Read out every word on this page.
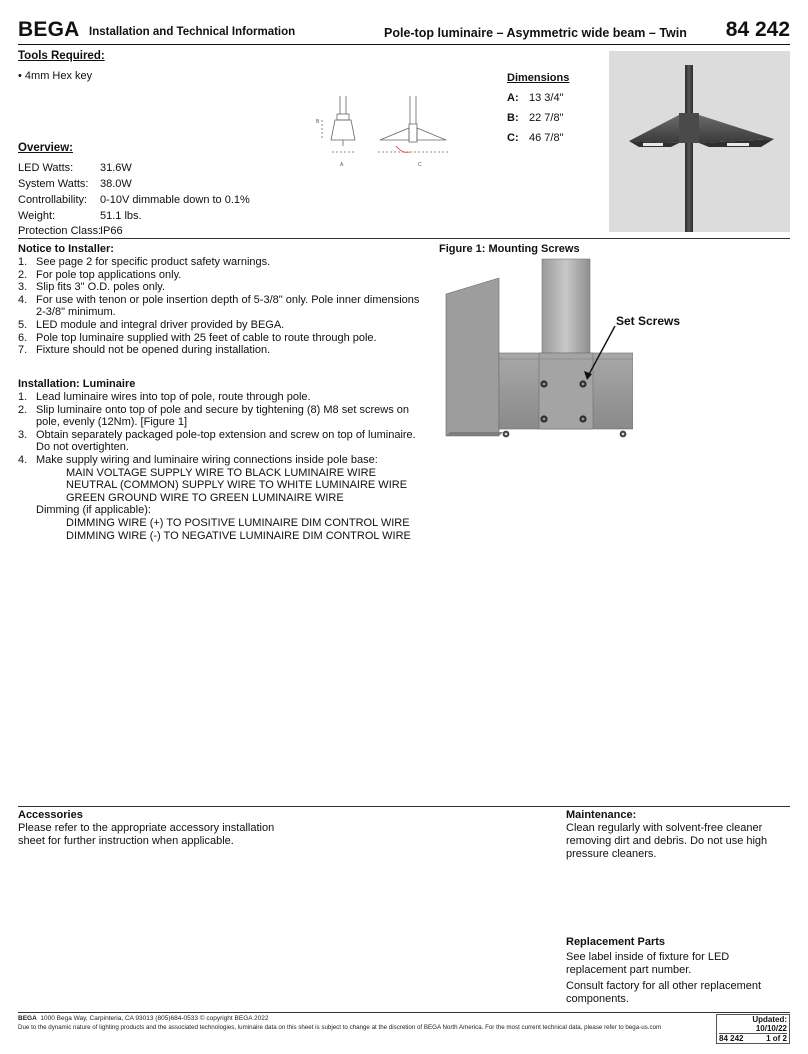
BEGA Installation and Technical Information	Pole-top luminaire – Asymmetric wide beam – Twin 84 242
Tools Required:
• 4mm Hex key
B
A	C
Dimensions
A: 13 3/4"
B: 22 7/8"
C: 46 7/8"
Overview:
LED Watts: 31.6W
System Watts: 38.0W
Controllability: 0-10V dimmable down to 0.1%
Weight:	51.1 lbs.
Protection Class:
IP66
Notice to Installer:
1. See page 2 for specific product safety warnings.
2. For pole top applications only.
3. Slip fits 3" O.D. poles only.
4. For use with tenon or pole insertion depth of 5-3/8" only. Pole inner dimensions 2-3/8" minimum.
5. LED module and integral driver provided by BEGA.
6. Pole top luminaire supplied with 25 feet of cable to route through pole.
7. Fixture should not be opened during installation.
Installation: Luminaire
1. Lead luminaire wires into top of pole, route through pole.
2. Slip luminaire onto top of pole and secure by tightening (8) M8 set screws on pole, evenly (12Nm). [Figure 1]
3. Obtain separately packaged pole-top extension and screw on top of luminaire. Do not overtighten.
4. Make supply wiring and luminaire wiring connections inside pole base:
MAIN VOLTAGE SUPPLY WIRE TO BLACK LUMINAIRE WIRE
NEUTRAL (COMMON) SUPPLY WIRE TO WHITE LUMINAIRE WIRE
GREEN GROUND WIRE TO GREEN LUMINAIRE WIRE
Dimming (if applicable):
DIMMING WIRE (+) TO POSITIVE LUMINAIRE DIM CONTROL WIRE
DIMMING WIRE (-) TO NEGATIVE LUMINAIRE DIM CONTROL WIRE
Figure 1: Mounting Screws
Set Screws
Accessories
Please refer to the appropriate accessory installation sheet for further instruction when applicable.
Maintenance:
Clean regularly with solvent-free cleaner removing dirt and debris. Do not use high pressure cleaners.
Replacement Parts
See label inside of fixture for LED replacement part number.
Consult factory for all other replacement components.
BEGA 1000 Bega Way, Carpinteria, CA 93013 (805)684-0533 © copyright BEGA 2022
Due to the dynamic nature of lighting products and the associated technologies, luminaire data on this sheet is subject to change at the discretion of BEGA North America. For the most current technical data, please refer to bega-us.com
Updated: 10/10/22
84 242	1 of 2
